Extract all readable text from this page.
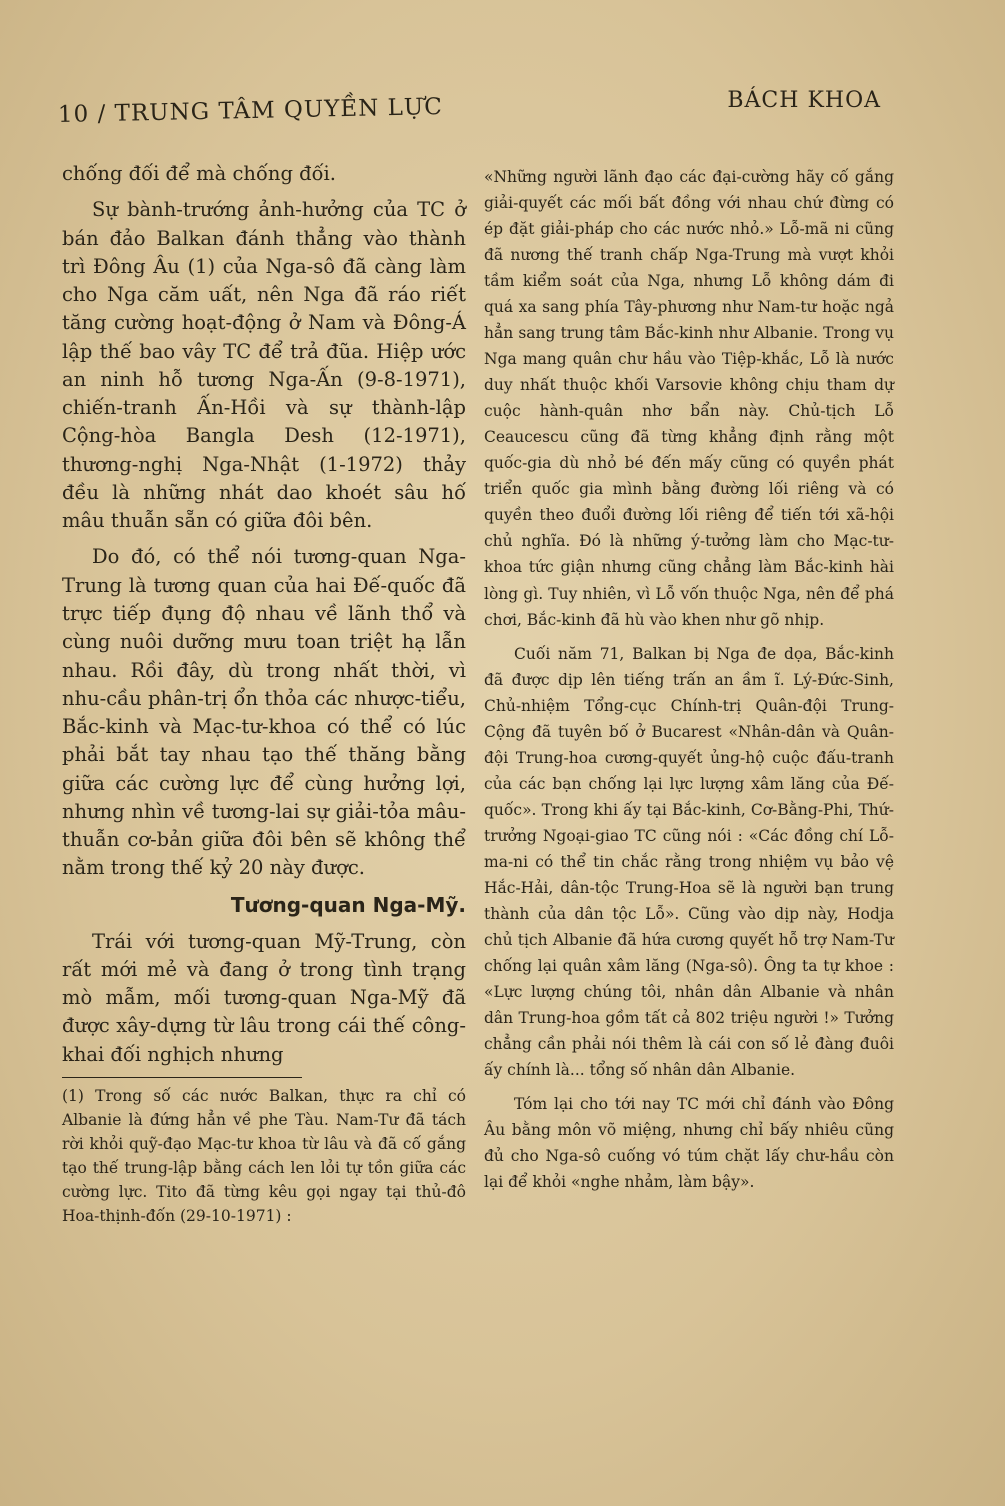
10 / TRUNG TÂM QUYỀN LỰC	BÁCH KHOA

chống đối để mà chống đối.

Sự bành-trướng ảnh-hưởng của TC ở bán đảo Balkan đánh thẳng vào thành trì Đông Âu (1) của Nga-sô đã càng làm cho Nga căm uất, nên Nga đã ráo riết tăng cường hoạt-động ở Nam và Đông-Á lập thế bao vây TC để trả đũa. Hiệp ước an ninh hỗ tương Nga-Ấn (9-8-1971), chiến-tranh Ấn-Hồi và sự thành-lập Cộng-hòa Bangla Desh (12-1971), thương-nghị Nga-Nhật (1-1972) thảy đều là những nhát dao khoét sâu hố mâu thuẫn sẵn có giữa đôi bên.

Do đó, có thể nói tương-quan Nga-Trung là tương quan của hai Đế-quốc đã trực tiếp đụng độ nhau về lãnh thổ và cùng nuôi dưỡng mưu toan triệt hạ lẫn nhau. Rồi đây, dù trong nhất thời, vì nhu-cầu phân-trị ổn thỏa các nhược-tiểu, Bắc-kinh và Mạc-tư-khoa có thể có lúc phải bắt tay nhau tạo thế thăng bằng giữa các cường lực để cùng hưởng lợi, nhưng nhìn về tương-lai sự giải-tỏa mâu-thuẫn cơ-bản giữa đôi bên sẽ không thể nằm trong thế kỷ 20 này được.

Tương-quan Nga-Mỹ.

Trái với tương-quan Mỹ-Trung, còn rất mới mẻ và đang ở trong tình trạng mò mẫm, mối tương-quan Nga-Mỹ đã được xây-dựng từ lâu trong cái thế công-khai đối nghịch nhưng

(1) Trong số các nước Balkan, thực ra chỉ có Albanie là đứng hẳn về phe Tàu. Nam-Tư đã tách rời khỏi quỹ-đạo Mạc-tư khoa từ lâu và đã cố gắng tạo thế trung-lập bằng cách len lỏi tự tồn giữa các cường lực. Tito đã từng kêu gọi ngay tại thủ-đô Hoa-thịnh-đốn (29-10-1971) :

«Những người lãnh đạo các đại-cường hãy cố gắng giải-quyết các mối bất đồng với nhau chứ đừng có ép đặt giải-pháp cho các nước nhỏ.» Lỗ-mã ni cũng đã nương thế tranh chấp Nga-Trung mà vượt khỏi tầm kiểm soát của Nga, nhưng Lỗ không dám đi quá xa sang phía Tây-phương như Nam-tư hoặc ngả hẳn sang trung tâm Bắc-kinh như Albanie. Trong vụ Nga mang quân chư hầu vào Tiệp-khắc, Lỗ là nước duy nhất thuộc khối Varsovie không chịu tham dự cuộc hành-quân nhơ bẩn này. Chủ-tịch Lỗ Ceaucescu cũng đã từng khẳng định rằng một quốc-gia dù nhỏ bé đến mấy cũng có quyền phát triển quốc gia mình bằng đường lối riêng và có quyền theo đuổi đường lối riêng để tiến tới xã-hội chủ nghĩa. Đó là những ý-tưởng làm cho Mạc-tư-khoa tức giận nhưng cũng chẳng làm Bắc-kinh hài lòng gì. Tuy nhiên, vì Lỗ vốn thuộc Nga, nên để phá chơi, Bắc-kinh đã hù vào khen như gõ nhịp.

Cuối năm 71, Balkan bị Nga đe dọa, Bắc-kinh đã được dịp lên tiếng trấn an ầm ĩ. Lý-Đức-Sinh, Chủ-nhiệm Tổng-cục Chính-trị Quân-đội Trung-Cộng đã tuyên bố ở Bucarest «Nhân-dân và Quân-đội Trung-hoa cương-quyết ủng-hộ cuộc đấu-tranh của các bạn chống lại lực lượng xâm lăng của Đế-quốc». Trong khi ấy tại Bắc-kinh, Cơ-Bằng-Phi, Thứ-trưởng Ngoại-giao TC cũng nói : «Các đồng chí Lỗ-ma-ni có thể tin chắc rằng trong nhiệm vụ bảo vệ Hắc-Hải, dân-tộc Trung-Hoa sẽ là người bạn trung thành của dân tộc Lỗ». Cũng vào dịp này, Hodja chủ tịch Albanie đã hứa cương quyết hỗ trợ Nam-Tư chống lại quân xâm lăng (Nga-sô). Ông ta tự khoe : «Lực lượng chúng tôi, nhân dân Albanie và nhân dân Trung-hoa gồm tất cả 802 triệu người !» Tưởng chẳng cần phải nói thêm là cái con số lẻ đàng đuôi ấy chính là... tổng số nhân dân Albanie.

Tóm lại cho tới nay TC mới chỉ đánh vào Đông Âu bằng môn võ miệng, nhưng chỉ bấy nhiêu cũng đủ cho Nga-sô cuống vó túm chặt lấy chư-hầu còn lại để khỏi «nghe nhảm, làm bậy».
